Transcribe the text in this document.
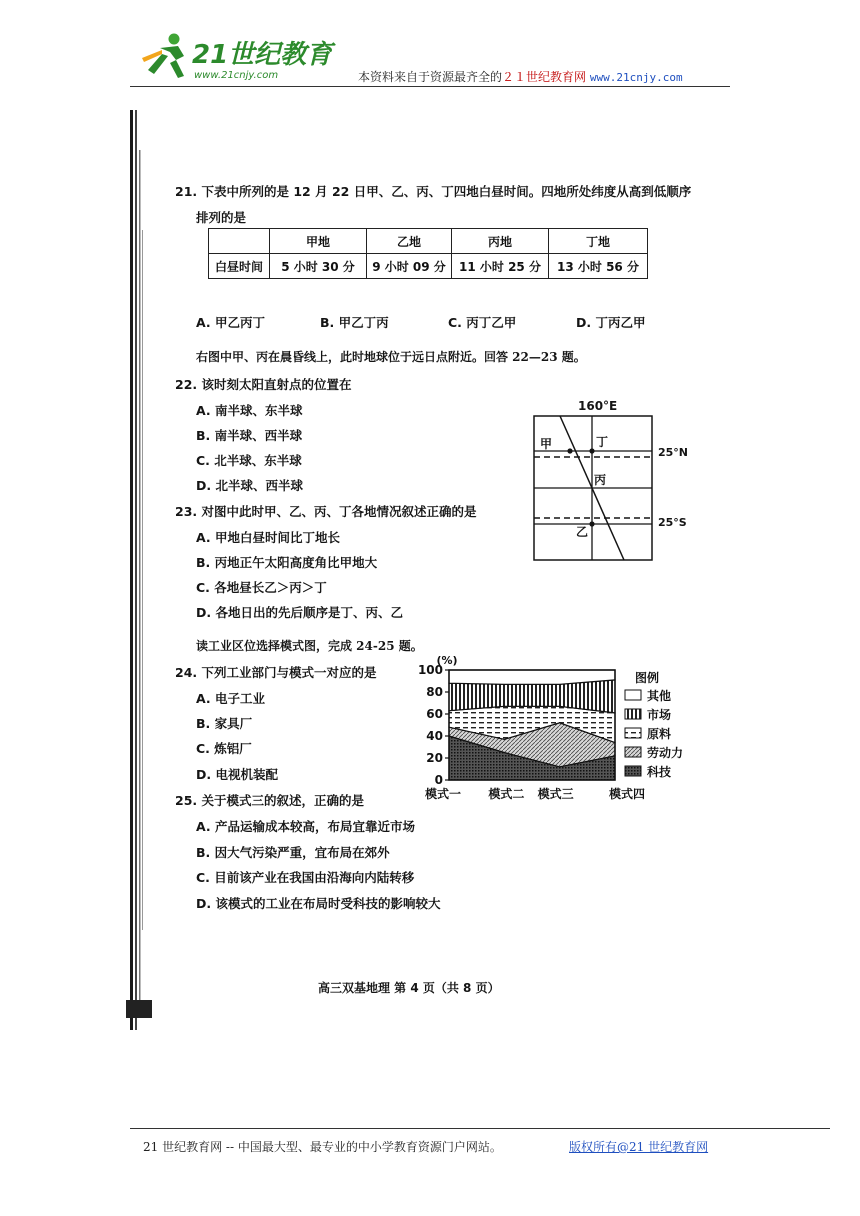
21世纪教育
www.21cnjy.com	本资料来自于资源最齐全的２１世纪教育网 www.21cnjy.com
21. 下表中所列的是 12 月 22 日甲、乙、丙、丁四地白昼时间。四地所处纬度从高到低顺序
排列的是
	甲地	乙地	丙地	丁地
白昼时间	5 小时 30 分	9 小时 09 分	11 小时 25 分	13 小时 56 分
A. 甲乙丙丁	B. 甲乙丁丙	C. 丙丁乙甲	D. 丁丙乙甲
右图中甲、丙在晨昏线上，此时地球位于远日点附近。回答 22—23 题。
22. 该时刻太阳直射点的位置在
A. 南半球、东半球
B. 南半球、西半球
C. 北半球、东半球
D. 北半球、西半球
23. 对图中此时甲、乙、丙、丁各地情况叙述正确的是
A. 甲地白昼时间比丁地长
B. 丙地正午太阳高度角比甲地大
C. 各地昼长乙＞丙＞丁
D. 各地日出的先后顺序是丁、丙、乙
160°E
甲	丁
丙
乙
25°N
25°S
读工业区位选择模式图，完成 24-25 题。
24. 下列工业部门与模式一对应的是
A. 电子工业
B. 家具厂
C. 炼铝厂
D. 电视机装配
25. 关于模式三的叙述，正确的是
A. 产品运输成本较高，布局宜靠近市场
B. 因大气污染严重，宜布局在郊外
C. 目前该产业在我国由沿海向内陆转移
D. 该模式的工业在布局时受科技的影响较大
0
20
40
60
80
100
(%)
模式一 模式二 模式三	模式四
图例
其他
市场
原料
劳动力
科技
高三双基地理 第 4 页（共 8 页）
21 世纪教育网 -- 中国最大型、最专业的中小学教育资源门户网站。	版权所有@21 世纪教育网
